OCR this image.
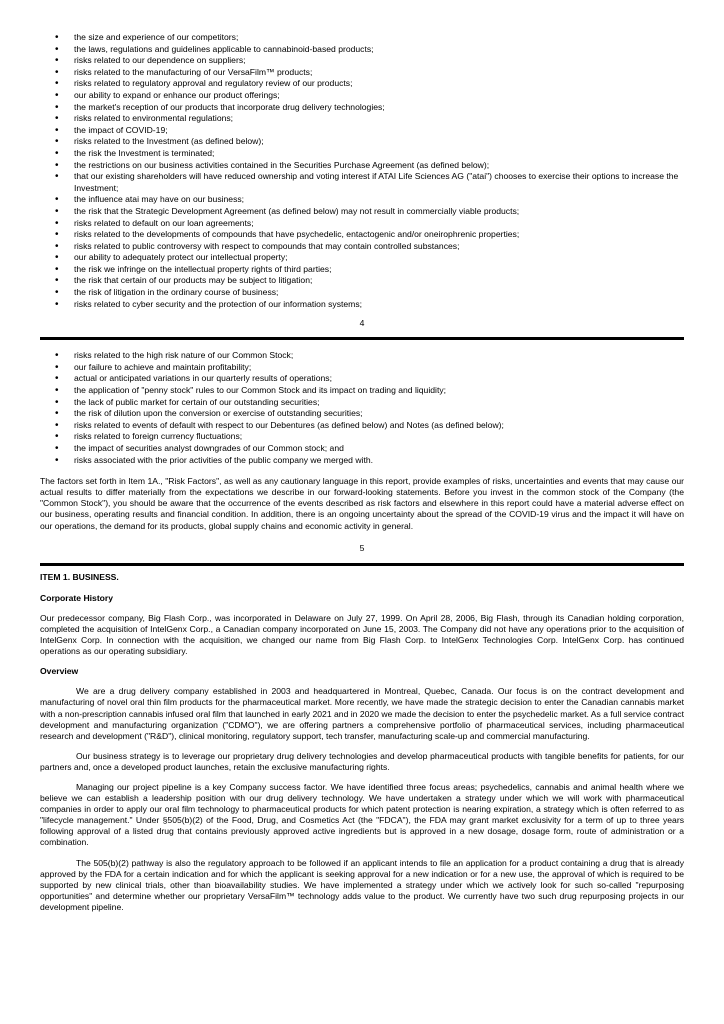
• the size and experience of our competitors;
• the laws, regulations and guidelines applicable to cannabinoid-based products;
• risks related to our dependence on suppliers;
• risks related to the manufacturing of our VersaFilm™ products;
• risks related to regulatory approval and regulatory review of our products;
• our ability to expand or enhance our product offerings;
• the market's reception of our products that incorporate drug delivery technologies;
• risks related to environmental regulations;
• the impact of COVID-19;
• risks related to the Investment (as defined below);
• the risk the Investment is terminated;
• the restrictions on our business activities contained in the Securities Purchase Agreement (as defined below);
• that our existing shareholders will have reduced ownership and voting interest if ATAI Life Sciences AG ("atai") chooses to exercise their options to increase the Investment;
• the influence atai may have on our business;
• the risk that the Strategic Development Agreement (as defined below) may not result in commercially viable products;
• risks related to default on our loan agreements;
• risks related to the developments of compounds that have psychedelic, entactogenic and/or oneirophrenic properties;
• risks related to public controversy with respect to compounds that may contain controlled substances;
• our ability to adequately protect our intellectual property;
• the risk we infringe on the intellectual property rights of third parties;
• the risk that certain of our products may be subject to litigation;
• the risk of litigation in the ordinary course of business;
• risks related to cyber security and the protection of our information systems;
4
• risks related to the high risk nature of our Common Stock;
• our failure to achieve and maintain profitability;
• actual or anticipated variations in our quarterly results of operations;
• the application of "penny stock" rules to our Common Stock and its impact on trading and liquidity;
• the lack of public market for certain of our outstanding securities;
• the risk of dilution upon the conversion or exercise of outstanding securities;
• risks related to events of default with respect to our Debentures (as defined below) and Notes (as defined below);
• risks related to foreign currency fluctuations;
• the impact of securities analyst downgrades of our Common stock; and
• risks associated with the prior activities of the public company we merged with.

The factors set forth in Item 1A., "Risk Factors", as well as any cautionary language in this report, provide examples of risks, uncertainties and events that may cause our actual results to differ materially from the expectations we describe in our forward-looking statements. Before you invest in the common stock of the Company (the "Common Stock"), you should be aware that the occurrence of the events described as risk factors and elsewhere in this report could have a material adverse effect on our business, operating results and financial condition. In addition, there is an ongoing uncertainty about the spread of the COVID-19 virus and the impact it will have on our operations, the demand for its products, global supply chains and economic activity in general.

5

ITEM 1. BUSINESS.

Corporate History

Our predecessor company, Big Flash Corp., was incorporated in Delaware on July 27, 1999. On April 28, 2006, Big Flash, through its Canadian holding corporation, completed the acquisition of IntelGenx Corp., a Canadian company incorporated on June 15, 2003. The Company did not have any operations prior to the acquisition of IntelGenx Corp. In connection with the acquisition, we changed our name from Big Flash Corp. to IntelGenx Technologies Corp. IntelGenx Corp. has continued operations as our operating subsidiary.

Overview

We are a drug delivery company established in 2003 and headquartered in Montreal, Quebec, Canada. Our focus is on the contract development and manufacturing of novel oral thin film products for the pharmaceutical market. More recently, we have made the strategic decision to enter the Canadian cannabis market with a non-prescription cannabis infused oral film that launched in early 2021 and in 2020 we made the decision to enter the psychedelic market. As a full service contract development and manufacturing organization ("CDMO"), we are offering partners a comprehensive portfolio of pharmaceutical services, including pharmaceutical research and development ("R&D"), clinical monitoring, regulatory support, tech transfer, manufacturing scale-up and commercial manufacturing.

Our business strategy is to leverage our proprietary drug delivery technologies and develop pharmaceutical products with tangible benefits for patients, for our partners and, once a developed product launches, retain the exclusive manufacturing rights.

Managing our project pipeline is a key Company success factor. We have identified three focus areas; psychedelics, cannabis and animal health where we believe we can establish a leadership position with our drug delivery technology. We have undertaken a strategy under which we will work with pharmaceutical companies in order to apply our oral film technology to pharmaceutical products for which patent protection is nearing expiration, a strategy which is often referred to as "lifecycle management." Under §505(b)(2) of the Food, Drug, and Cosmetics Act (the "FDCA"), the FDA may grant market exclusivity for a term of up to three years following approval of a listed drug that contains previously approved active ingredients but is approved in a new dosage, dosage form, route of administration or a combination.

The 505(b)(2) pathway is also the regulatory approach to be followed if an applicant intends to file an application for a product containing a drug that is already approved by the FDA for a certain indication and for which the applicant is seeking approval for a new indication or for a new use, the approval of which is required to be supported by new clinical trials, other than bioavailability studies. We have implemented a strategy under which we actively look for such so-called "repurposing opportunities" and determine whether our proprietary VersaFilm™ technology adds value to the product. We currently have two such drug repurposing projects in our development pipeline.
